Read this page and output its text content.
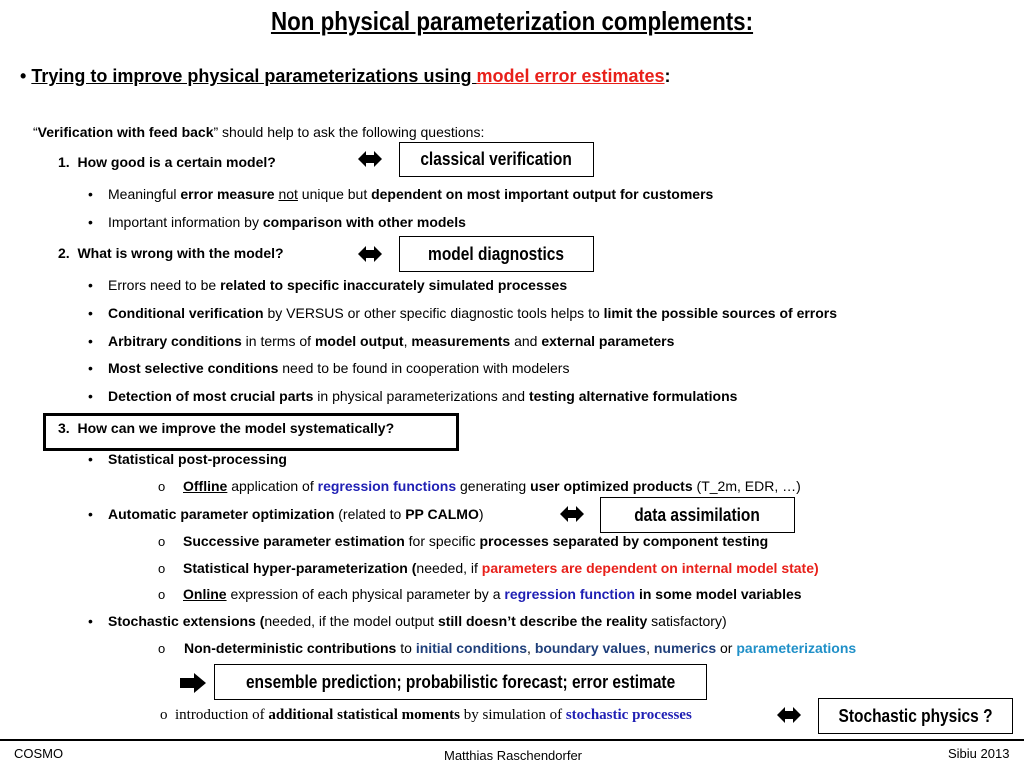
Non physical parameterization complements:
• Trying to improve physical parameterizations using model error estimates:
“Verification with feed back” should help to ask the following questions:
1. How good is a certain model?	classical verification
• Meaningful error measure not unique but dependent on most important output for customers
• Important information by comparison with other models
2. What is wrong with the model?	model diagnostics
• Errors need to be related to specific inaccurately simulated processes
• Conditional verification by VERSUS or other specific diagnostic tools helps to limit the possible sources of errors
• Arbitrary conditions in terms of model output, measurements and external parameters
• Most selective conditions need to be found in cooperation with modelers
• Detection of most crucial parts in physical parameterizations and testing alternative formulations
3. How can we improve the model systematically?
• Statistical post-processing
o Offline application of regression functions generating user optimized products (T_2m, EDR, …)
• Automatic parameter optimization (related to PP CALMO)	data assimilation
o Successive parameter estimation for specific processes separated by component testing
o Statistical hyper-parameterization (needed, if parameters are dependent on internal model state)
o Online expression of each physical parameter by a regression function in some model variables
• Stochastic extensions (needed, if the model output still doesn’t describe the reality satisfactory)
o Non-deterministic contributions to initial conditions, boundary values, numerics or parameterizations
ensemble prediction; probabilistic forecast; error estimate
o introduction of additional statistical moments by simulation of stochastic processes	Stochastic physics ?
COSMO	Matthias Raschendorfer	Sibiu 2013
